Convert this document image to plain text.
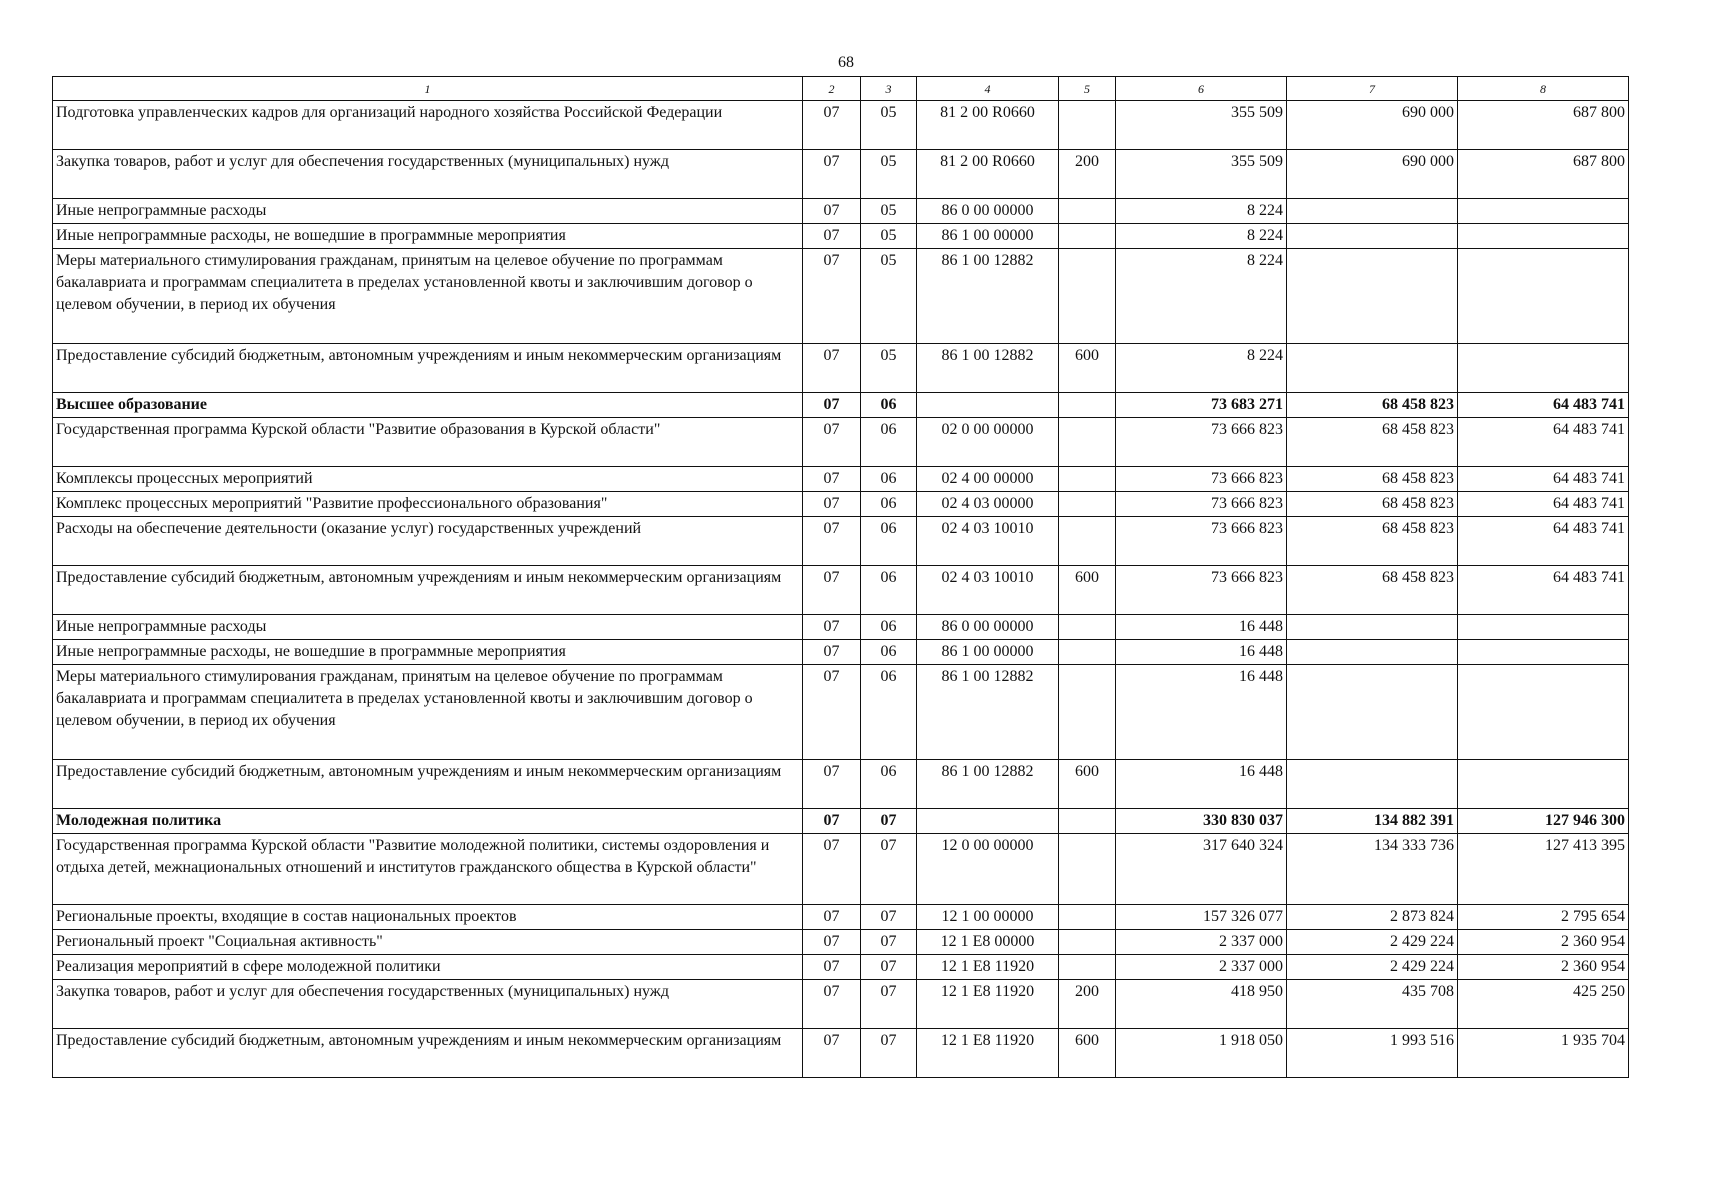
68
1	2	3	4	5	6	7	8
Подготовка управленческих кадров для организаций народного хозяйства Российской Федерации	07	05	81 2 00 R0660		355 509	690 000	687 800
Закупка товаров, работ и услуг для обеспечения государственных (муниципальных) нужд	07	05	81 2 00 R0660	200	355 509	690 000	687 800
Иные непрограммные расходы	07	05	86 0 00 00000		8 224		
Иные непрограммные расходы, не вошедшие в программные мероприятия	07	05	86 1 00 00000		8 224		
Меры материального стимулирования гражданам, принятым на целевое обучение по программам бакалавриата и программам специалитета в пределах установленной квоты и заключившим договор о целевом обучении, в период их обучения	07	05	86 1 00 12882		8 224		
Предоставление субсидий бюджетным, автономным учреждениям и иным некоммерческим организациям	07	05	86 1 00 12882	600	8 224		
Высшее образование	07	06			73 683 271	68 458 823	64 483 741
Государственная программа Курской области "Развитие образования в Курской области"	07	06	02 0 00 00000		73 666 823	68 458 823	64 483 741
Комплексы процессных мероприятий	07	06	02 4 00 00000		73 666 823	68 458 823	64 483 741
Комплекс процессных мероприятий "Развитие профессионального образования"	07	06	02 4 03 00000		73 666 823	68 458 823	64 483 741
Расходы на обеспечение деятельности (оказание услуг) государственных учреждений	07	06	02 4 03 10010		73 666 823	68 458 823	64 483 741
Предоставление субсидий бюджетным, автономным учреждениям и иным некоммерческим организациям	07	06	02 4 03 10010	600	73 666 823	68 458 823	64 483 741
Иные непрограммные расходы	07	06	86 0 00 00000		16 448		
Иные непрограммные расходы, не вошедшие в программные мероприятия	07	06	86 1 00 00000		16 448		
Меры материального стимулирования гражданам, принятым на целевое обучение по программам бакалавриата и программам специалитета в пределах установленной квоты и заключившим договор о целевом обучении, в период их обучения	07	06	86 1 00 12882		16 448		
Предоставление субсидий бюджетным, автономным учреждениям и иным некоммерческим организациям	07	06	86 1 00 12882	600	16 448		
Молодежная политика	07	07			330 830 037	134 882 391	127 946 300
Государственная программа Курской области "Развитие молодежной политики, системы оздоровления и отдыха детей, межнациональных отношений и институтов гражданского общества в Курской области"	07	07	12 0 00 00000		317 640 324	134 333 736	127 413 395
Региональные проекты, входящие в состав национальных проектов	07	07	12 1 00 00000		157 326 077	2 873 824	2 795 654
Региональный проект "Социальная активность"	07	07	12 1 E8 00000		2 337 000	2 429 224	2 360 954
Реализация мероприятий в сфере молодежной политики	07	07	12 1 E8 11920		2 337 000	2 429 224	2 360 954
Закупка товаров, работ и услуг для обеспечения государственных (муниципальных) нужд	07	07	12 1 E8 11920	200	418 950	435 708	425 250
Предоставление субсидий бюджетным, автономным учреждениям и иным некоммерческим организациям	07	07	12 1 E8 11920	600	1 918 050	1 993 516	1 935 704
